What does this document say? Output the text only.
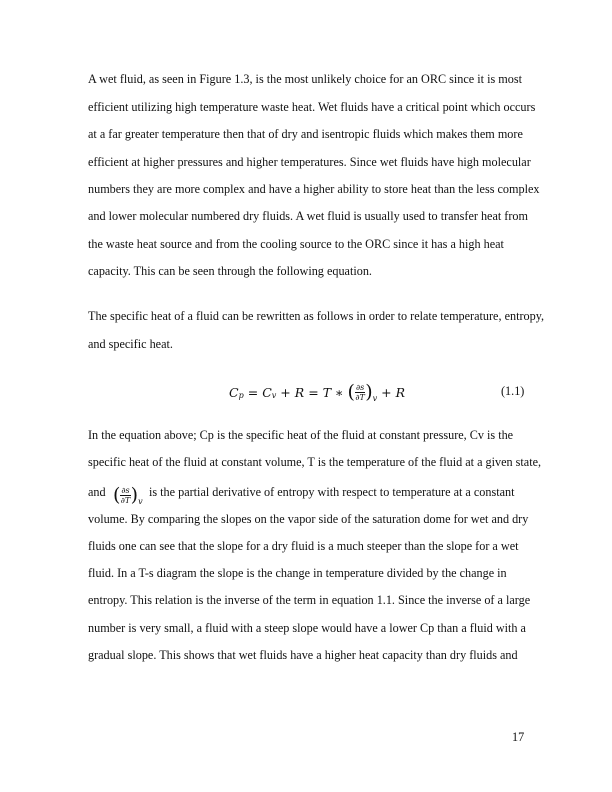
A wet fluid, as seen in Figure 1.3, is the most unlikely choice for an ORC since it is most
efficient utilizing high temperature waste heat. Wet fluids have a critical point which occurs
at a far greater temperature then that of dry and isentropic fluids which makes them more
efficient at higher pressures and higher temperatures. Since wet fluids have high molecular
numbers they are more complex and have a higher ability to store heat than the less complex
and lower molecular numbered dry fluids. A wet fluid is usually used to transfer heat from
the waste heat source and from the cooling source to the ORC since it has a high heat
capacity. This can be seen through the following equation.
The specific heat of a fluid can be rewritten as follows in order to relate temperature, entropy,
and specific heat.
C p = C v + R = T ∗ ( $\frac{\partial s}{\partial T}$ ) v + R	(1.1)
In the equation above; Cp is the specific heat of the fluid at constant pressure, Cv is the
specific heat of the fluid at constant volume, T is the temperature of the fluid at a given state,
and ( $\frac{\partial s}{\partial T}$ ) v
is the partial derivative of entropy with respect to temperature at a constant
volume. By comparing the slopes on the vapor side of the saturation dome for wet and dry
fluids one can see that the slope for a dry fluid is a much steeper than the slope for a wet
fluid. In a T-s diagram the slope is the change in temperature divided by the change in
entropy. This relation is the inverse of the term in equation 1.1. Since the inverse of a large
number is very small, a fluid with a steep slope would have a lower Cp than a fluid with a
gradual slope. This shows that wet fluids have a higher heat capacity than dry fluids and
17
